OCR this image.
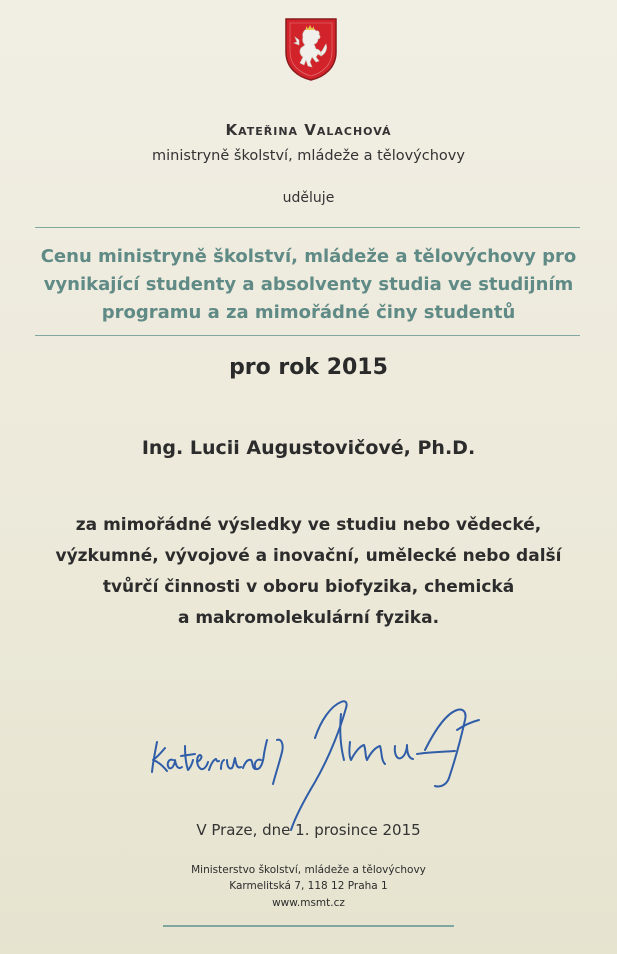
Kateřina Valachová
ministryně školství, mládeže a tělovýchovy
uděluje
Cenu ministryně školství, mládeže a tělovýchovy pro
vynikající studenty a absolventy studia ve studijním
programu a za mimořádné činy studentů
pro rok 2015
Ing. Lucii Augustovičové, Ph.D.
za mimořádné výsledky ve studiu nebo vědecké,
výzkumné, vývojové a inovační, umělecké nebo další
tvůrčí činnosti v oboru biofyzika, chemická
a makromolekulární fyzika.
V Praze, dne 1. prosince 2015
Ministerstvo školství, mládeže a tělovýchovy
Karmelitská 7, 118 12 Praha 1
www.msmt.cz
